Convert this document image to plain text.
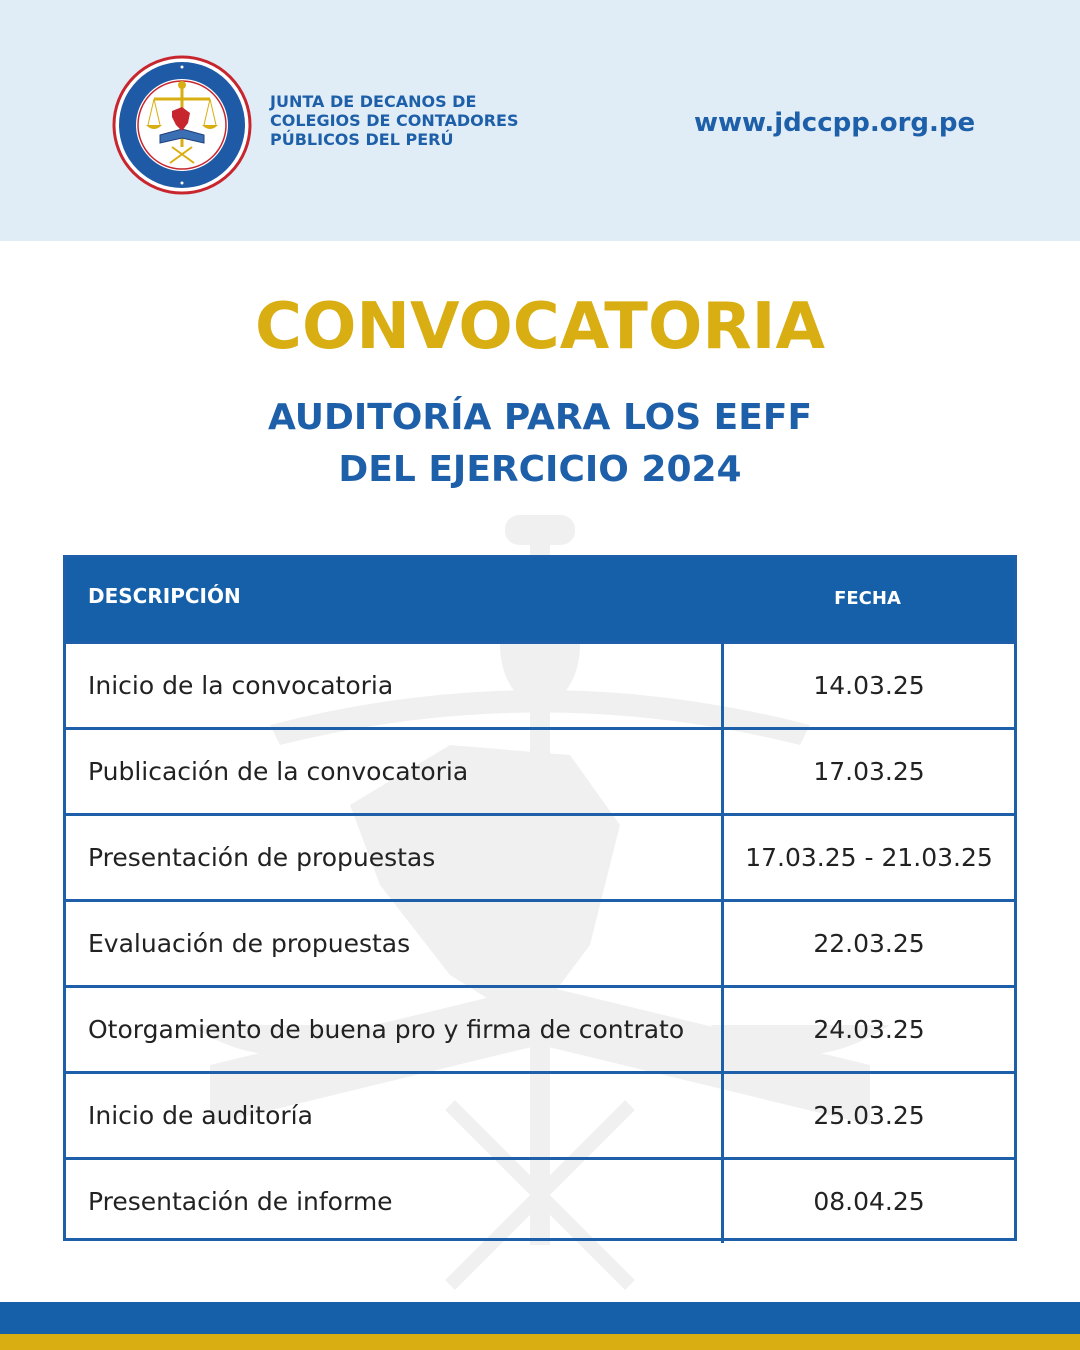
JUNTA DE DECANOS DE
COLEGIOS DE CONTADORES
PÚBLICOS DEL PERÚ
www.jdccpp.org.pe
CONVOCATORIA
AUDITORÍA PARA LOS EEFF
DEL EJERCICIO 2024
DESCRIPCIÓN	FECHA
Inicio de la convocatoria	14.03.25
Publicación de la convocatoria	17.03.25
Presentación de propuestas	17.03.25 - 21.03.25
Evaluación de propuestas	22.03.25
Otorgamiento de buena pro y firma de contrato	24.03.25
Inicio de auditoría	25.03.25
Presentación de informe	08.04.25
